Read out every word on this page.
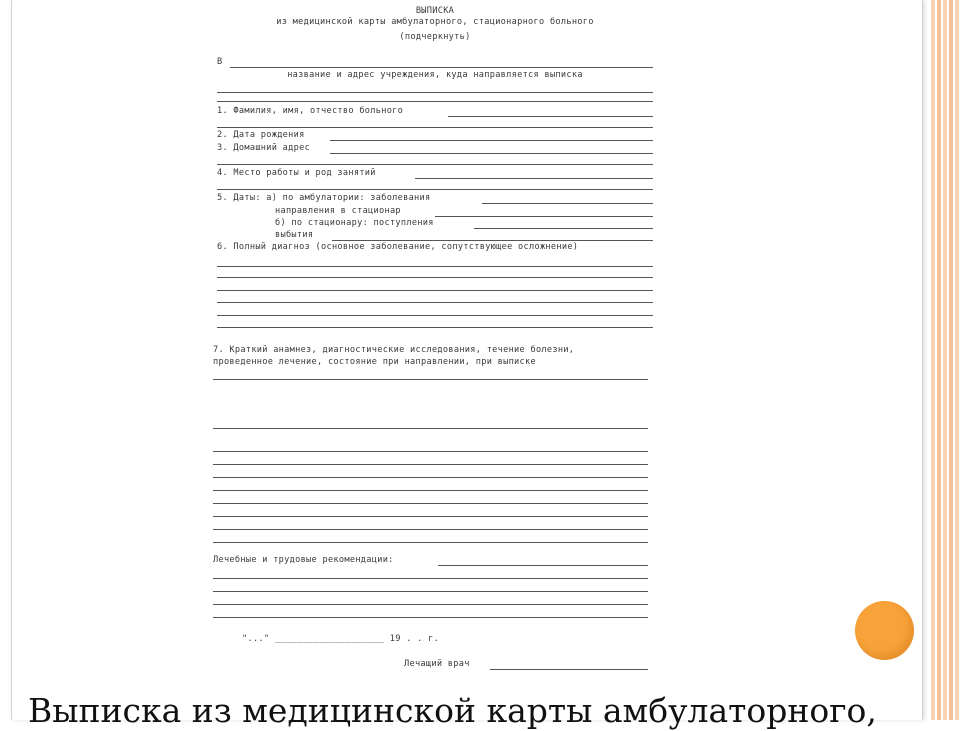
ВЫПИСКА
из медицинской карты амбулаторного, стационарного больного
(подчеркнуть)
В
название и адрес учреждения, куда направляется выписка
1. Фамилия, имя, отчество больного
2. Дата рождения
3. Домашний адрес
4. Место работы и род занятий
5. Даты: а) по амбулатории: заболевания
направления в стационар
б) по стационару: поступления
выбытия
6. Полный диагноз (основное заболевание, сопутствующее осложнение)
7. Краткий анамнез, диагностические исследования, течение болезни,
проведенное лечение, состояние при направлении, при выписке
Лечебные и трудовые рекомендации:
"..." ____________________ 19 . . г.
Лечащий врач
Выписка из медицинской карты амбулаторного,
